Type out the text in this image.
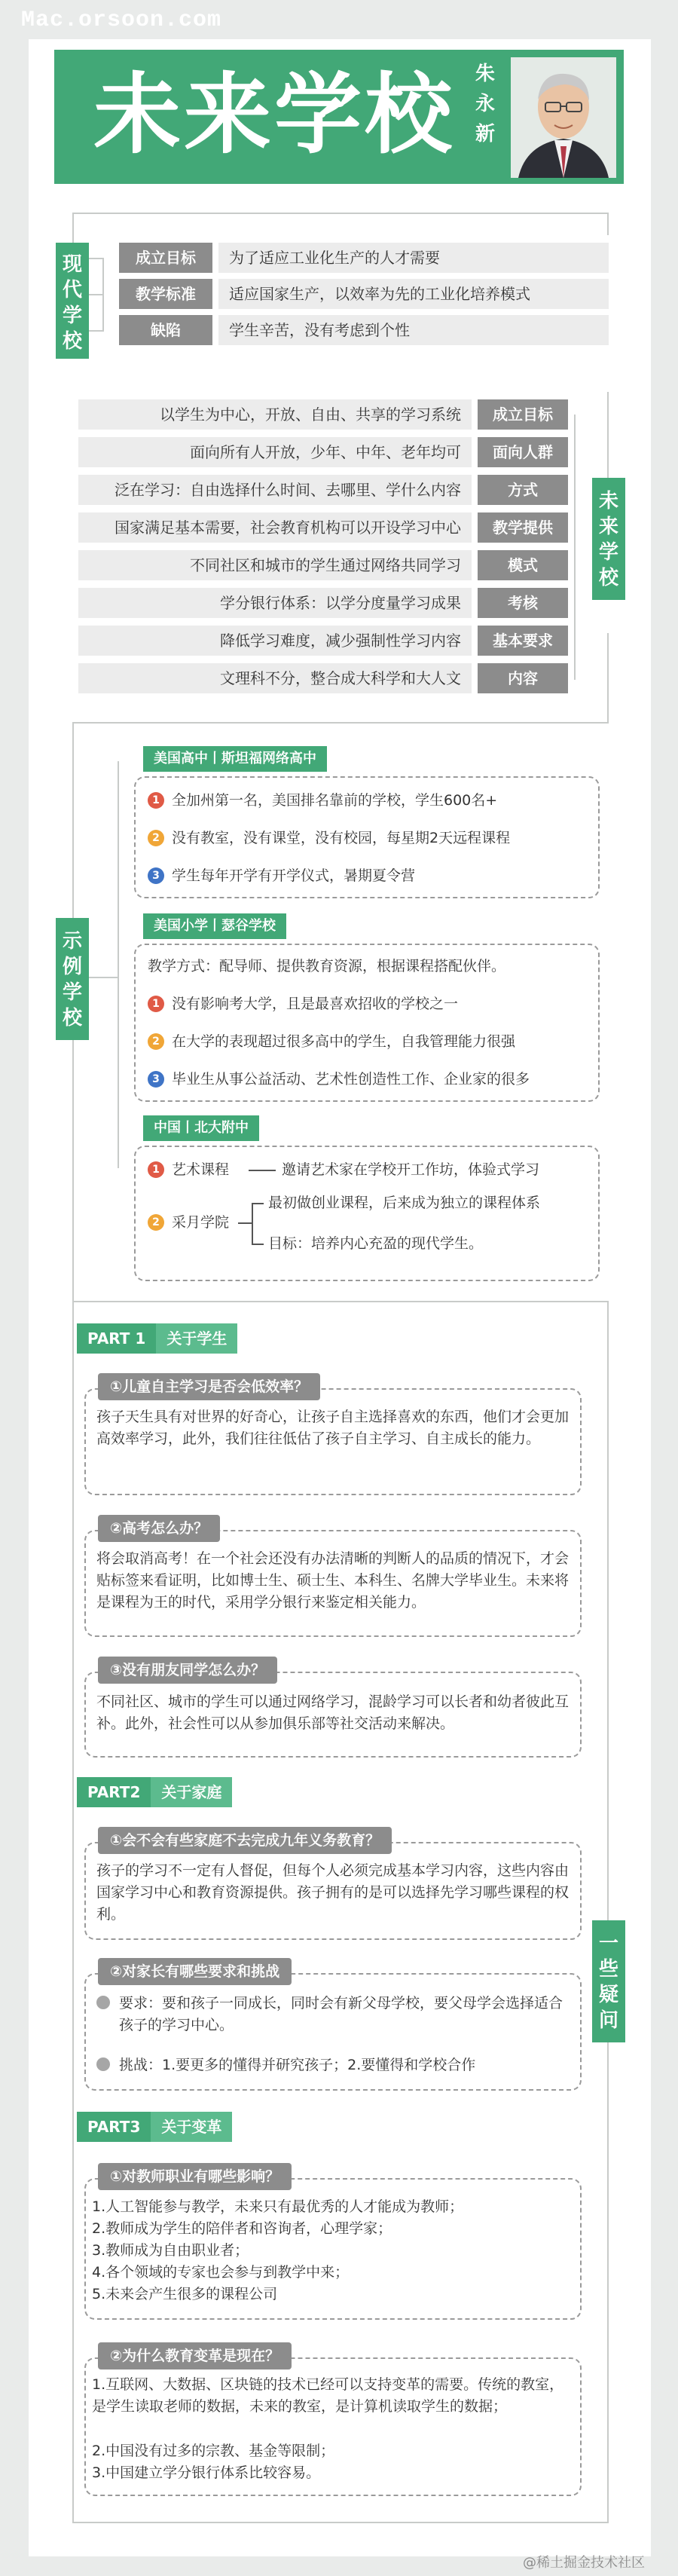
Mac.orsoon.com
未来学校 朱永新
现代学校
成立目标	为了适应工业化生产的人才需要
教学标准	适应国家生产，以效率为先的工业化培养模式
缺陷	学生辛苦，没有考虑到个性
未来学校
以学生为中心，开放、自由、共享的学习系统	成立目标
面向所有人开放，少年、中年、老年均可	面向人群
泛在学习：自由选择什么时间、去哪里、学什么内容	方式
国家满足基本需要，社会教育机构可以开设学习中心	教学提供
不同社区和城市的学生通过网络共同学习	模式
学分银行体系：以学分度量学习成果	考核
降低学习难度，减少强制性学习内容	基本要求
文理科不分，整合成大科学和大人文	内容
示例学校
美国高中丨斯坦福网络高中
1 全加州第一名，美国排名靠前的学校，学生600名+
2 没有教室，没有课堂，没有校园，每星期2天远程课程
3 学生每年开学有开学仪式，暑期夏令营
美国小学丨瑟谷学校
教学方式：配导师、提供教育资源，根据课程搭配伙伴。
1 没有影响考大学，且是最喜欢招收的学校之一
2 在大学的表现超过很多高中的学生，自我管理能力很强
3 毕业生从事公益活动、艺术性创造性工作、企业家的很多
中国丨北大附中
1 艺术课程	邀请艺术家在学校开工作坊，体验式学习
2 采月学院
最初做创业课程，后来成为独立的课程体系
目标：培养内心充盈的现代学生。
一些疑问
PART 1 关于学生
①儿童自主学习是否会低效率？
孩子天生具有对世界的好奇心，让孩子自主选择喜欢的东西，他们才会更加高效率学习，此外，我们往往低估了孩子自主学习、自主成长的能力。
②高考怎么办？
将会取消高考！在一个社会还没有办法清晰的判断人的品质的情况下，才会贴标签来看证明，比如博士生、硕士生、本科生、名牌大学毕业生。未来将是课程为王的时代，采用学分银行来鉴定相关能力。
③没有朋友同学怎么办？
不同社区、城市的学生可以通过网络学习，混龄学习可以长者和幼者彼此互补。此外，社会性可以从参加俱乐部等社交活动来解决。
PART2 关于家庭
①会不会有些家庭不去完成九年义务教育？
孩子的学习不一定有人督促，但每个人必须完成基本学习内容，这些内容由国家学习中心和教育资源提供。孩子拥有的是可以选择先学习哪些课程的权利。
②对家长有哪些要求和挑战
要求：要和孩子一同成长，同时会有新父母学校，要父母学会选择适合孩子的学习中心。
挑战：1.要更多的懂得并研究孩子；2.要懂得和学校合作
PART3 关于变革
①对教师职业有哪些影响？
1.人工智能参与教学，未来只有最优秀的人才能成为教师；
2.教师成为学生的陪伴者和咨询者，心理学家；
3.教师成为自由职业者；
4.各个领域的专家也会参与到教学中来；
5.未来会产生很多的课程公司
②为什么教育变革是现在？
1.互联网、大数据、区块链的技术已经可以支持变革的需要。传统的教室，是学生读取老师的数据，未来的教室，是计算机读取学生的数据；
2.中国没有过多的宗教、基金等限制；
3.中国建立学分银行体系比较容易。
@稀土掘金技术社区
